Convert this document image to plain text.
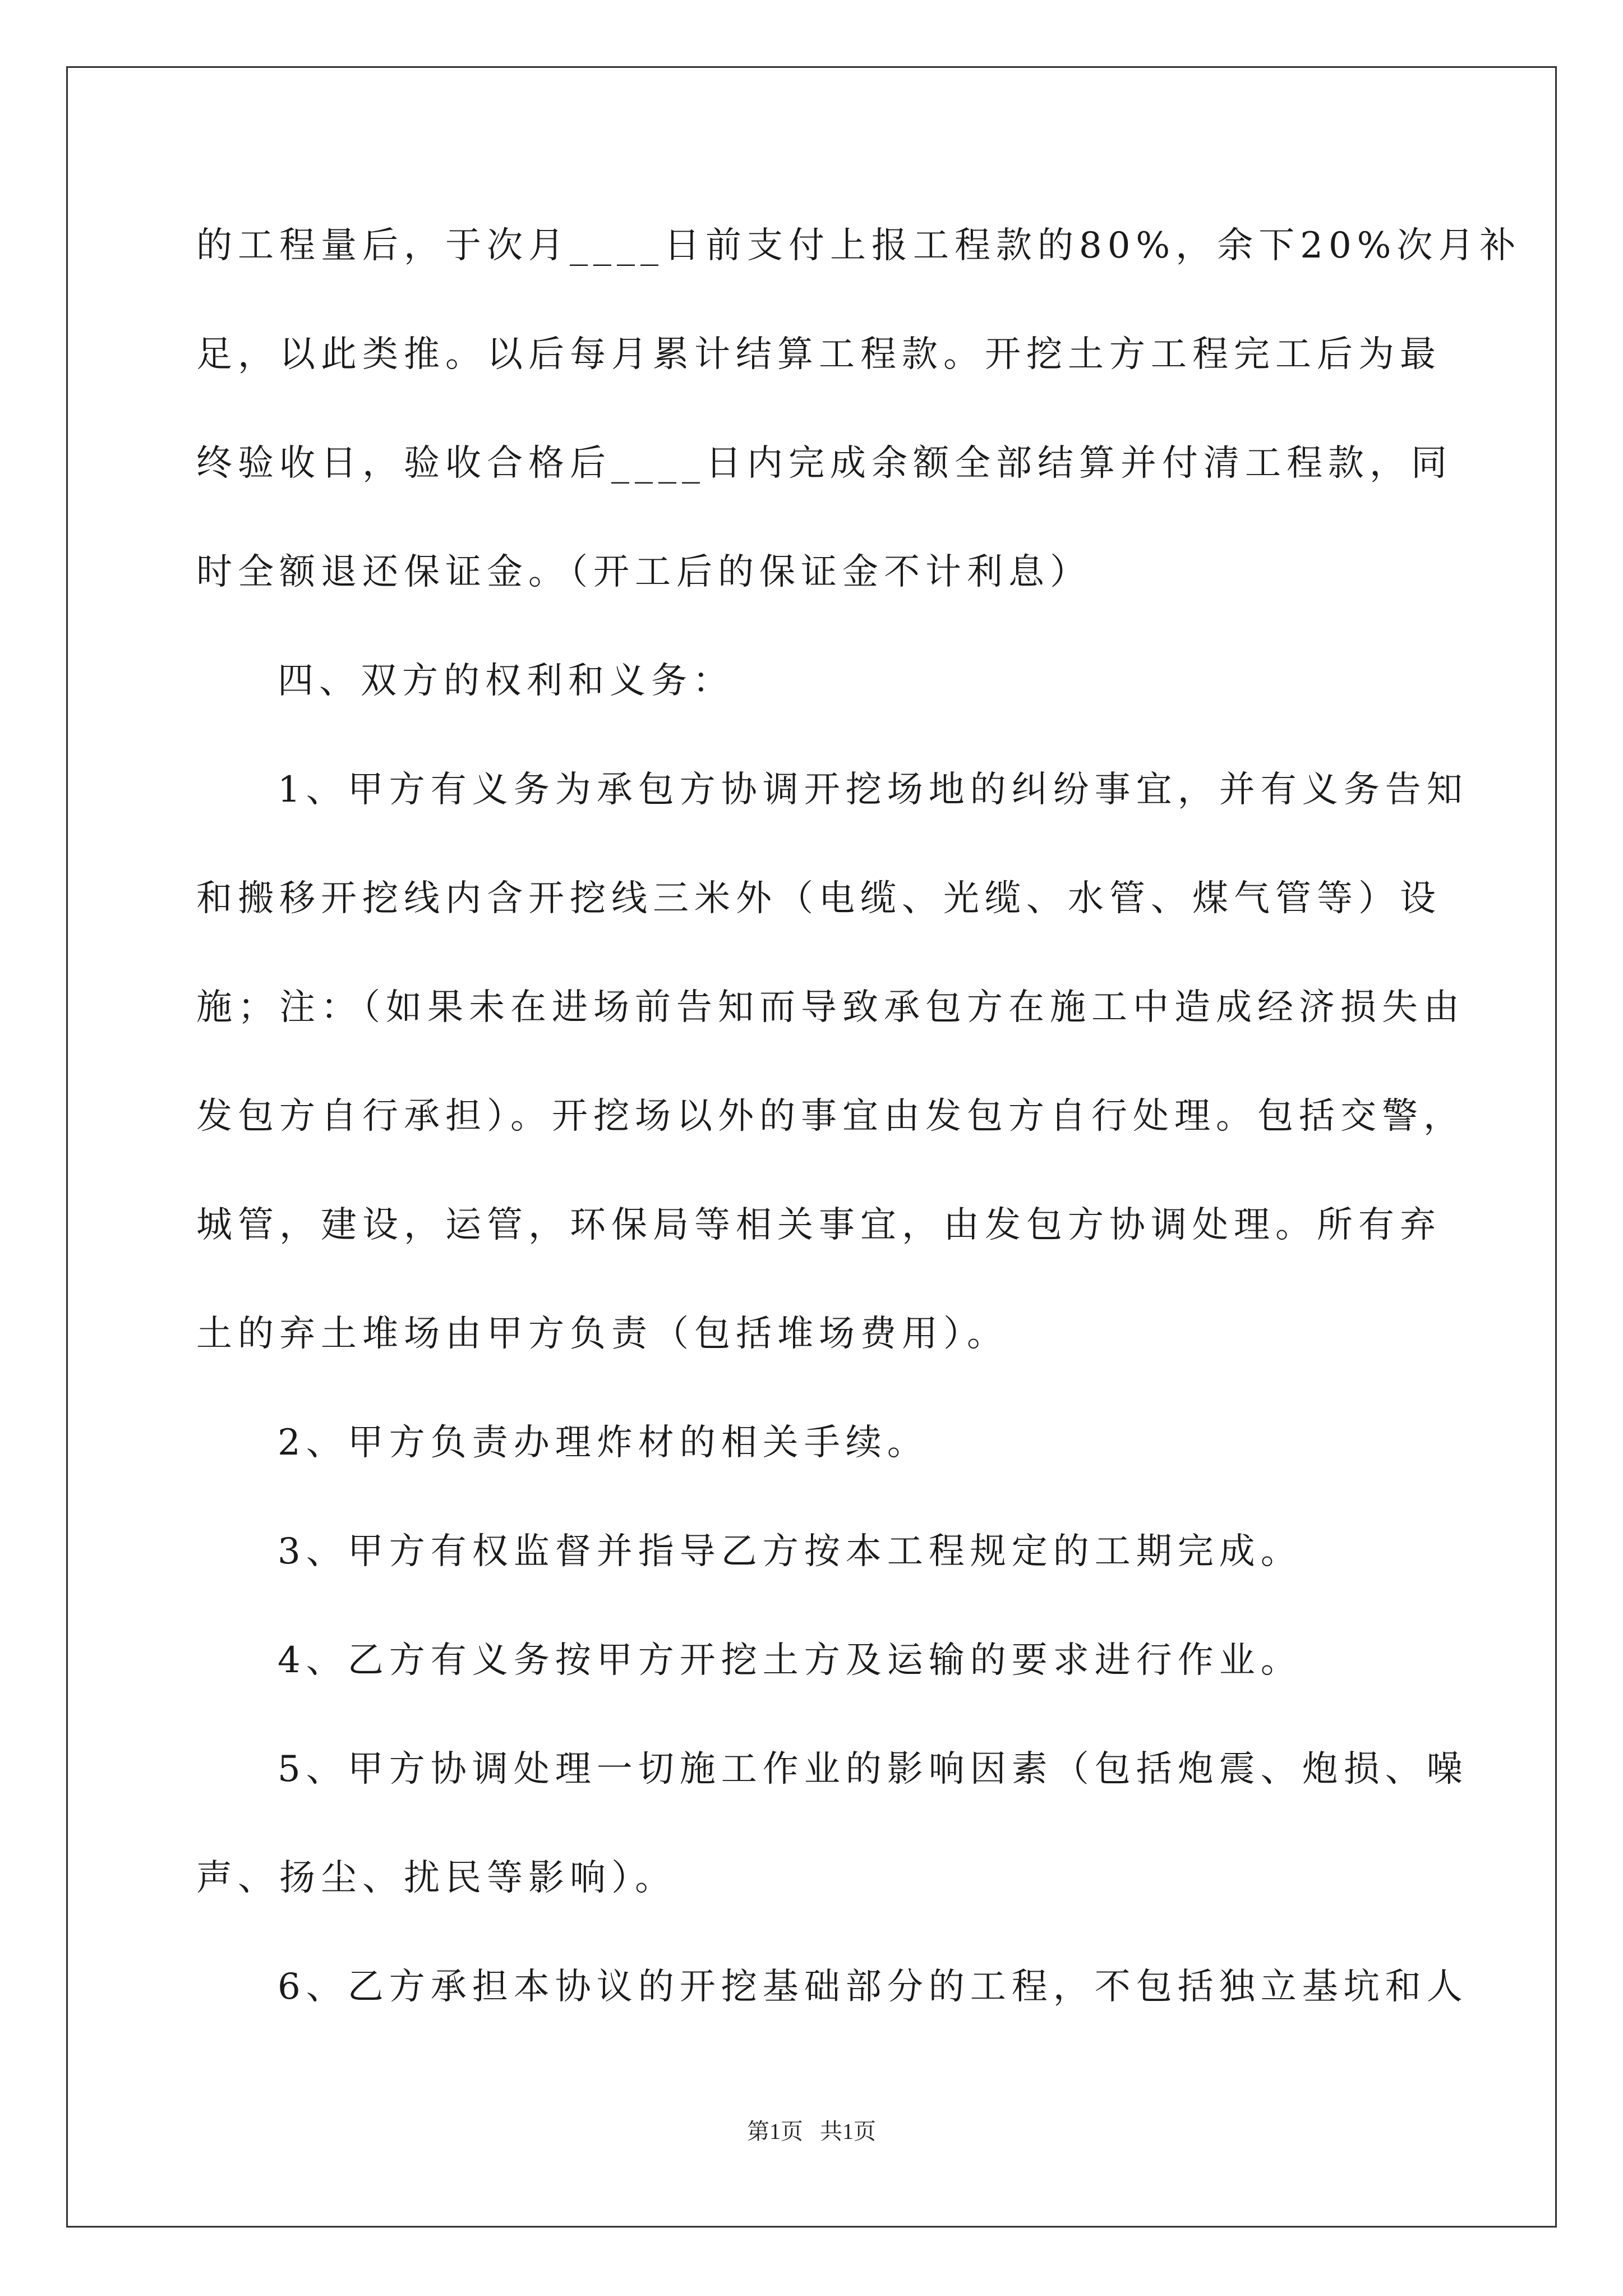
的工程量后，于次月____日前支付上报工程款的80%，余下20%次月补
足，以此类推。以后每月累计结算工程款。开挖土方工程完工后为最
终验收日，验收合格后____日内完成余额全部结算并付清工程款，同
时全额退还保证金。（开工后的保证金不计利息）
四、双方的权利和义务：
1、甲方有义务为承包方协调开挖场地的纠纷事宜，并有义务告知
和搬移开挖线内含开挖线三米外（电缆、光缆、水管、煤气管等）设
施；注：（如果未在进场前告知而导致承包方在施工中造成经济损失由
发包方自行承担）。开挖场以外的事宜由发包方自行处理。包括交警，
城管，建设，运管，环保局等相关事宜，由发包方协调处理。所有弃
土的弃土堆场由甲方负责（包括堆场费用）。
2、甲方负责办理炸材的相关手续。
3、甲方有权监督并指导乙方按本工程规定的工期完成。
4、乙方有义务按甲方开挖土方及运输的要求进行作业。
5、甲方协调处理一切施工作业的影响因素（包括炮震、炮损、噪
声、扬尘、扰民等影响）。
6、乙方承担本协议的开挖基础部分的工程，不包括独立基坑和人
第1页   共1页
